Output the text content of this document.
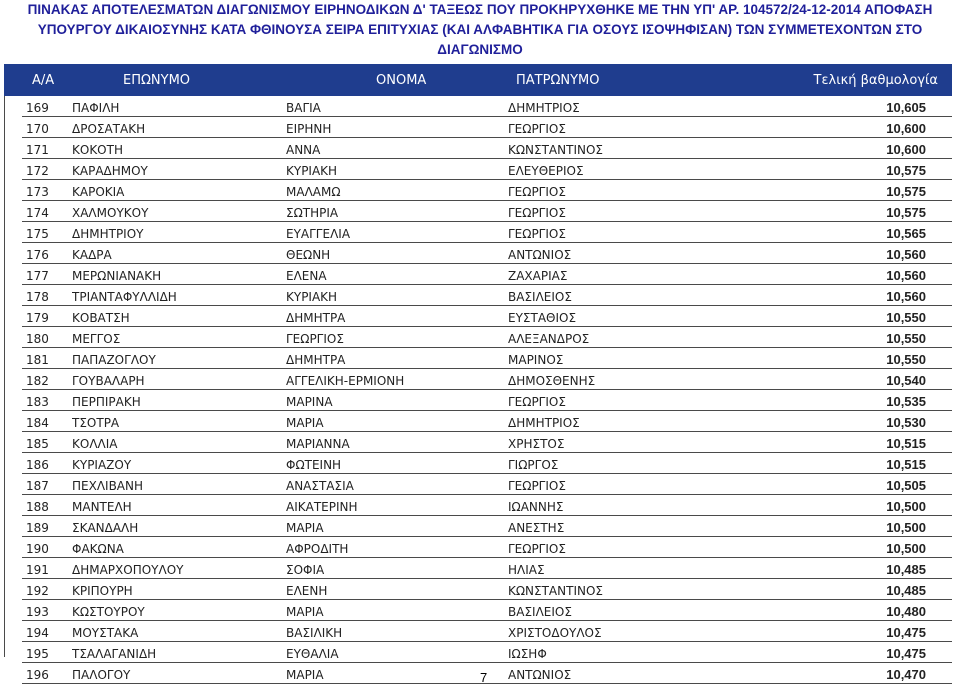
ΠΙΝΑΚΑΣ ΑΠΟΤΕΛΕΣΜΑΤΩΝ ΔΙΑΓΩΝΙΣΜΟΥ ΕΙΡΗΝΟΔΙΚΩΝ Δ' ΤΑΞΕΩΣ ΠΟΥ ΠΡΟΚΗΡΥΧΘΗΚΕ ΜΕ ΤΗΝ ΥΠ' ΑΡ. 104572/24-12-2014 ΑΠΟΦΑΣΗ
ΥΠΟΥΡΓΟΥ ΔΙΚΑΙΟΣΥΝΗΣ ΚΑΤΑ ΦΘΙΝΟΥΣΑ ΣΕΙΡΑ ΕΠΙΤΥΧΙΑΣ (ΚΑΙ ΑΛΦΑΒΗΤΙΚΑ ΓΙΑ ΟΣΟΥΣ ΙΣΟΨΗΦΙΣΑΝ) ΤΩΝ ΣΥΜΜΕΤΕΧΟΝΤΩΝ ΣΤΟ
ΔΙΑΓΩΝΙΣΜΟ
Α/Α	ΕΠΩΝΥΜΟ	ΟΝΟΜΑ	ΠΑΤΡΩΝΥΜΟ	Τελική βαθμολογία
169	ΠΑΦΙΛΗ	ΒΑΓΙΑ	ΔΗΜΗΤΡΙΟΣ	10,605
170	ΔΡΟΣΑΤΑΚΗ	ΕΙΡΗΝΗ	ΓΕΩΡΓΙΟΣ	10,600
171	ΚΟΚΟΤΗ	ΑΝΝΑ	ΚΩΝΣΤΑΝΤΙΝΟΣ	10,600
172	ΚΑΡΑΔΗΜΟΥ	ΚΥΡΙΑΚΗ	ΕΛΕΥΘΕΡΙΟΣ	10,575
173	ΚΑΡΟΚΙΑ	ΜΑΛΑΜΩ	ΓΕΩΡΓΙΟΣ	10,575
174	ΧΑΛΜΟΥΚΟΥ	ΣΩΤΗΡΙΑ	ΓΕΩΡΓΙΟΣ	10,575
175	ΔΗΜΗΤΡΙΟΥ	ΕΥΑΓΓΕΛΙΑ	ΓΕΩΡΓΙΟΣ	10,565
176	ΚΑΔΡΑ	ΘΕΩΝΗ	ΑΝΤΩΝΙΟΣ	10,560
177	ΜΕΡΩΝΙΑΝΑΚΗ	ΕΛΕΝΑ	ΖΑΧΑΡΙΑΣ	10,560
178	ΤΡΙΑΝΤΑΦΥΛΛΙΔΗ	ΚΥΡΙΑΚΗ	ΒΑΣΙΛΕΙΟΣ	10,560
179	ΚΟΒΑΤΣΗ	ΔΗΜΗΤΡΑ	ΕΥΣΤΑΘΙΟΣ	10,550
180	ΜΕΓΓΟΣ	ΓΕΩΡΓΙΟΣ	ΑΛΕΞΑΝΔΡΟΣ	10,550
181	ΠΑΠΑΖΟΓΛΟΥ	ΔΗΜΗΤΡΑ	ΜΑΡΙΝΟΣ	10,550
182	ΓΟΥΒΑΛΑΡΗ	ΑΓΓΕΛΙΚΗ-ΕΡΜΙΟΝΗ	ΔΗΜΟΣΘΕΝΗΣ	10,540
183	ΠΕΡΠΙΡΑΚΗ	ΜΑΡΙΝΑ	ΓΕΩΡΓΙΟΣ	10,535
184	ΤΣΟΤΡΑ	ΜΑΡΙΑ	ΔΗΜΗΤΡΙΟΣ	10,530
185	ΚΟΛΛΙΑ	ΜΑΡΙΑΝΝΑ	ΧΡΗΣΤΟΣ	10,515
186	ΚΥΡΙΑΖΟΥ	ΦΩΤΕΙΝΗ	ΓΙΩΡΓΟΣ	10,515
187	ΠΕΧΛΙΒΑΝΗ	ΑΝΑΣΤΑΣΙΑ	ΓΕΩΡΓΙΟΣ	10,505
188	ΜΑΝΤΕΛΗ	ΑΙΚΑΤΕΡΙΝΗ	ΙΩΑΝΝΗΣ	10,500
189	ΣΚΑΝΔΑΛΗ	ΜΑΡΙΑ	ΑΝΕΣΤΗΣ	10,500
190	ΦΑΚΩΝΑ	ΑΦΡΟΔΙΤΗ	ΓΕΩΡΓΙΟΣ	10,500
191	ΔΗΜΑΡΧΟΠΟΥΛΟΥ	ΣΟΦΙΑ	ΗΛΙΑΣ	10,485
192	ΚΡΙΠΟΥΡΗ	ΕΛΕΝΗ	ΚΩΝΣΤΑΝΤΙΝΟΣ	10,485
193	ΚΩΣΤΟΥΡΟΥ	ΜΑΡΙΑ	ΒΑΣΙΛΕΙΟΣ	10,480
194	ΜΟΥΣΤΑΚΑ	ΒΑΣΙΛΙΚΗ	ΧΡΙΣΤΟΔΟΥΛΟΣ	10,475
195	ΤΣΑΛΑΓΑΝΙΔΗ	ΕΥΘΑΛΙΑ	ΙΩΣΗΦ	10,475
196	ΠΑΛΟΓΟΥ	ΜΑΡΙΑ	ΑΝΤΩΝΙΟΣ	10,470
7
